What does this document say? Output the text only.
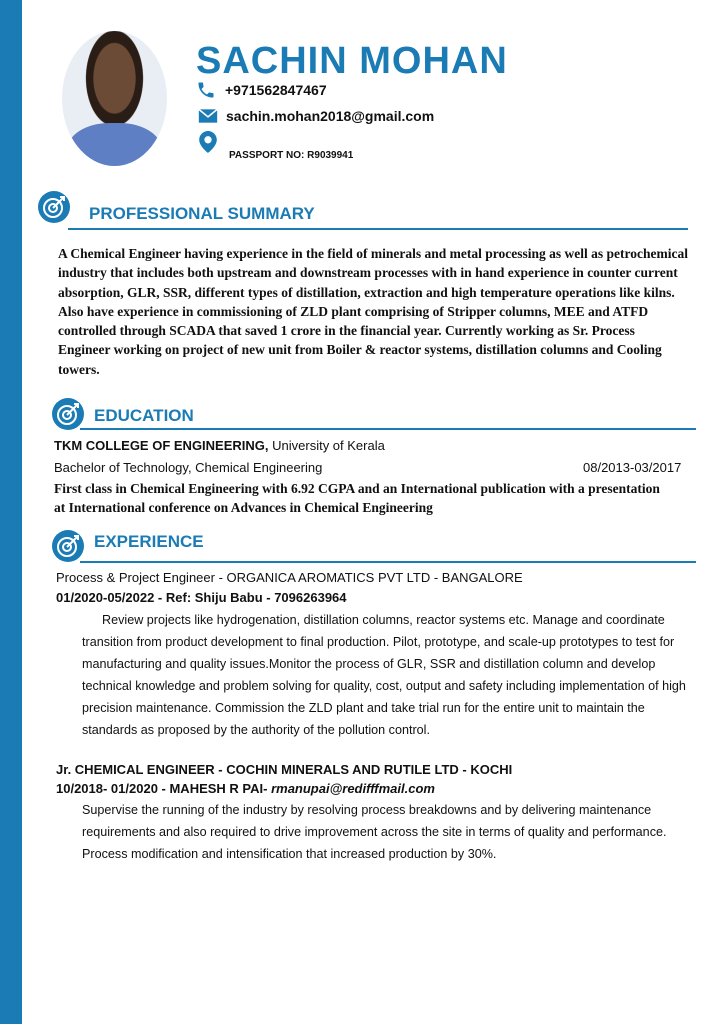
SACHIN MOHAN
+971562847467
sachin.mohan2018@gmail.com
PASSPORT NO: R9039941
PROFESSIONAL SUMMARY
A Chemical Engineer having experience in the field of minerals and metal processing as well as petrochemical industry that includes both upstream and downstream processes with in hand experience in counter current absorption, GLR, SSR, different types of distillation, extraction and high temperature operations like kilns. Also have experience in commissioning of ZLD plant comprising of Stripper columns, MEE and ATFD controlled through SCADA that saved 1 crore in the financial year. Currently working as Sr. Process Engineer working on project of new unit from Boiler & reactor systems, distillation columns and Cooling towers.
EDUCATION
TKM COLLEGE OF ENGINEERING, University of Kerala
Bachelor of Technology, Chemical Engineering	08/2013-03/2017
First class in Chemical Engineering with 6.92 CGPA and an International publication with a presentation at International conference on Advances in Chemical Engineering
EXPERIENCE
Process & Project Engineer - ORGANICA AROMATICS PVT LTD - BANGALORE
01/2020-05/2022 - Ref: Shiju Babu - 7096263964
Review projects like hydrogenation, distillation columns, reactor systems etc. Manage and coordinate transition from product development to final production. Pilot, prototype, and scale-up prototypes to test for manufacturing and quality issues.Monitor the process of GLR, SSR and distillation column and develop technical knowledge and problem solving for quality, cost, output and safety including implementation of high precision maintenance. Commission the ZLD plant and take trial run for the entire unit to maintain the standards as proposed by the authority of the pollution control.
Jr. CHEMICAL ENGINEER - COCHIN MINERALS AND RUTILE LTD - KOCHI
10/2018- 01/2020 - MAHESH R PAI- rmanupai@redifffmail.com
Supervise the running of the industry by resolving process breakdowns and by delivering maintenance requirements and also required to drive improvement across the site in terms of quality and performance. Process modification and intensification that increased production by 30%.
